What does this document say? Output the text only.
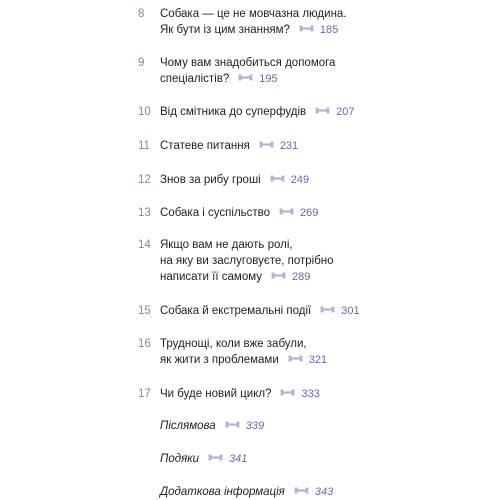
8	Собака — це не мовчазна людина.
Як бути із цим знанням?	185
9	Чому вам знадобиться допомога
спеціалістів?	195
10 Від смітника до суперфудів	207
11 Статеве питання	231
12 Знов за рибу гроші	249
13 Собака і суспільство	269
14 Якщо вам не дають ролі,
на яку ви заслуговуєте, потрібно
написати її самому	289
15 Собака й екстремальні події	301
16 Труднощі, коли вже забули,
як жити з проблемами	321
17 Чи буде новий цикл?	333
Післямова	339
Подяки	341
Додаткова інформація	343
